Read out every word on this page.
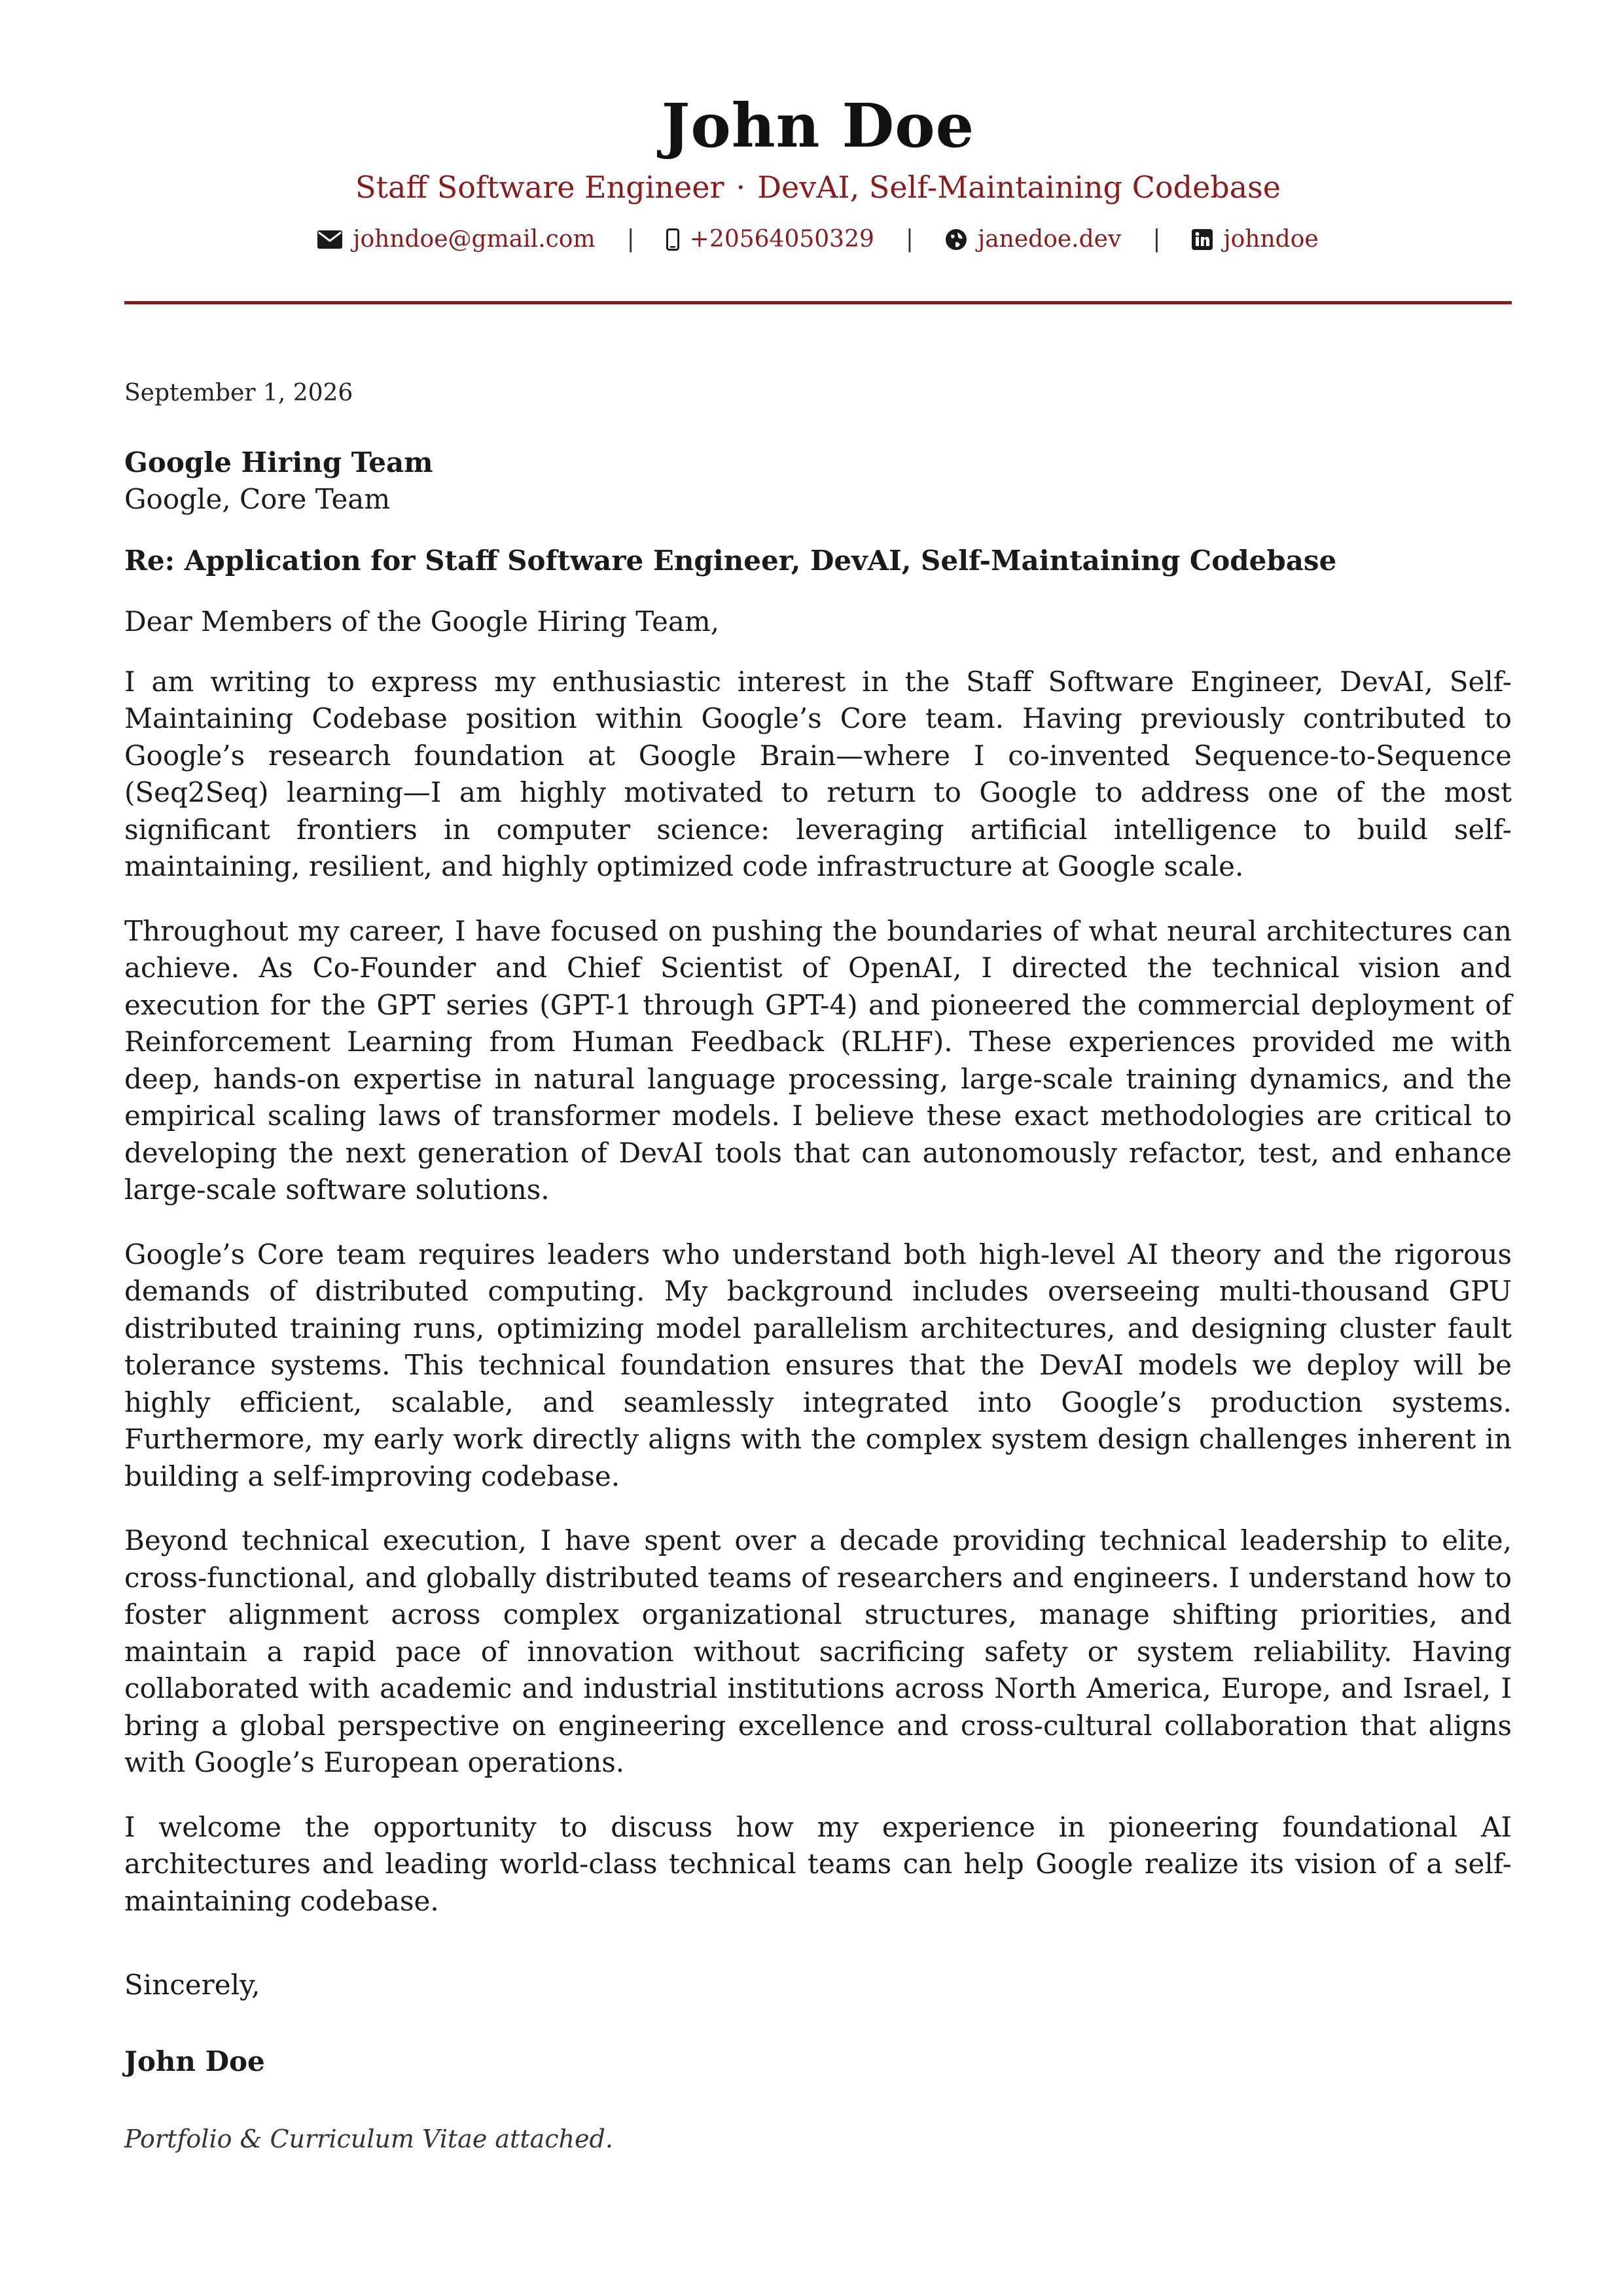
John Doe
Staff Software Engineer · DevAI, Self-Maintaining Codebase
johndoe@gmail.com	|	+20564050329	|	janedoe.dev	|	johndoe
September 1, 2026
Google Hiring Team
Google, Core Team
Re: Application for Staff Software Engineer, DevAI, Self-Maintaining Codebase
Dear Members of the Google Hiring Team,

I am writing to express my enthusiastic interest in the Staff Software Engineer, DevAI, Self-Maintaining Codebase position within Google’s Core team. Having previously contributed to Google’s research foundation at Google Brain—where I co-invented Sequence-to-Sequence (Seq2Seq) learning—I am highly motivated to return to Google to address one of the most significant frontiers in computer science: leveraging artificial intelligence to build self-maintaining, resilient, and highly optimized code infrastructure at Google scale.

Throughout my career, I have focused on pushing the boundaries of what neural architectures can achieve. As Co-Founder and Chief Scientist of OpenAI, I directed the technical vision and execution for the GPT series (GPT-1 through GPT-4) and pioneered the commercial deployment of Reinforcement Learning from Human Feedback (RLHF). These experiences provided me with deep, hands-on expertise in natural language processing, large-scale training dynamics, and the empirical scaling laws of transformer models. I believe these exact methodologies are critical to developing the next generation of DevAI tools that can autonomously refactor, test, and enhance large-scale software solutions.

Google’s Core team requires leaders who understand both high-level AI theory and the rigorous demands of distributed computing. My background includes overseeing multi-thousand GPU distributed training runs, optimizing model parallelism architectures, and designing cluster fault tolerance systems. This technical foundation ensures that the DevAI models we deploy will be highly efficient, scalable, and seamlessly integrated into Google’s production systems. Furthermore, my early work directly aligns with the complex system design challenges inherent in building a self-improving codebase.

Beyond technical execution, I have spent over a decade providing technical leadership to elite, cross-functional, and globally distributed teams of researchers and engineers. I understand how to foster alignment across complex organizational structures, manage shifting priorities, and maintain a rapid pace of innovation without sacrificing safety or system reliability. Having collaborated with academic and industrial institutions across North America, Europe, and Israel, I bring a global perspective on engineering excellence and cross-cultural collaboration that aligns with Google’s European operations.

I welcome the opportunity to discuss how my experience in pioneering foundational AI architectures and leading world-class technical teams can help Google realize its vision of a self-maintaining codebase.

Sincerely,
John Doe
Portfolio & Curriculum Vitae attached.
